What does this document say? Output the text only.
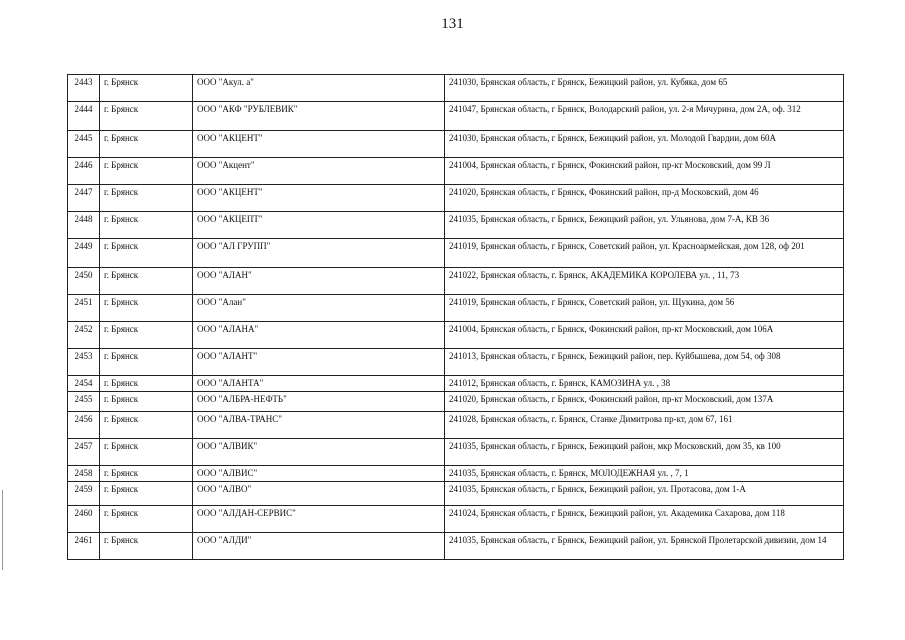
131
2443	г. Брянск	ООО "Акул. а"	241030, Брянская область, г Брянск, Бежицкий район, ул. Кубяка, дом 65
2444	г. Брянск	ООО "АКФ "РУБЛЕВИК"	241047, Брянская область, г Брянск, Володарский район, ул. 2-я Мичурина, дом 2А, оф. 312
2445	г. Брянск	ООО "АКЦЕНТ"	241030, Брянская область, г Брянск, Бежицкий район, ул. Молодой Гвардии, дом 60А
2446	г. Брянск	ООО "Акцент"	241004, Брянская область, г Брянск, Фокинский район, пр-кт Московский, дом 99 Л
2447	г. Брянск	ООО "АКЦЕНТ"	241020, Брянская область, г Брянск, Фокинский район, пр-д Московский, дом 46
2448	г. Брянск	ООО "АКЦЕПТ"	241035, Брянская область, г Брянск, Бежицкий район, ул. Ульянова, дом 7-А, КВ 36
2449	г. Брянск	ООО "АЛ ГРУПП"	241019, Брянская область, г Брянск, Советский район, ул. Красноармейская, дом 128, оф 201
2450	г. Брянск	ООО "АЛАН"	241022, Брянская область, г. Брянск, АКАДЕМИКА КОРОЛЕВА ул. , 11, 73
2451	г. Брянск	ООО "Алан"	241019, Брянская область, г Брянск, Советский район, ул. Щукина, дом 56
2452	г. Брянск	ООО "АЛАНА"	241004, Брянская область, г Брянск, Фокинский район, пр-кт Московский, дом 106А
2453	г. Брянск	ООО "АЛАНТ"	241013, Брянская область, г Брянск, Бежицкий район, пер. Куйбышева, дом 54, оф 308
2454	г. Брянск	ООО "АЛАНТА"	241012, Брянская область, г. Брянск, КАМОЗИНА ул. , 38
2455	г. Брянск	ООО "АЛБРА-НЕФТЬ"	241020, Брянская область, г Брянск, Фокинский район, пр-кт Московский, дом 137А
2456	г. Брянск	ООО "АЛВА-ТРАНС"	241028, Брянская область, г. Брянск, Станке Димитрова пр-кт, дом 67, 161
2457	г. Брянск	ООО "АЛВИК"	241035, Брянская область, г Брянск, Бежицкий район, мкр Московский, дом 35, кв 100
2458	г. Брянск	ООО "АЛВИС"	241035, Брянская область, г. Брянск, МОЛОДЕЖНАЯ ул. , 7, 1
2459	г. Брянск	ООО "АЛВО"	241035, Брянская область, г Брянск, Бежицкий район, ул. Протасова, дом 1-А
2460	г. Брянск	ООО "АЛДАН-СЕРВИС"	241024, Брянская область, г Брянск, Бежицкий район, ул. Академика Сахарова, дом 118
2461	г. Брянск	ООО "АЛДИ"	241035, Брянская область, г Брянск, Бежицкий район, ул. Брянской Пролетарской дивизии, дом 14
